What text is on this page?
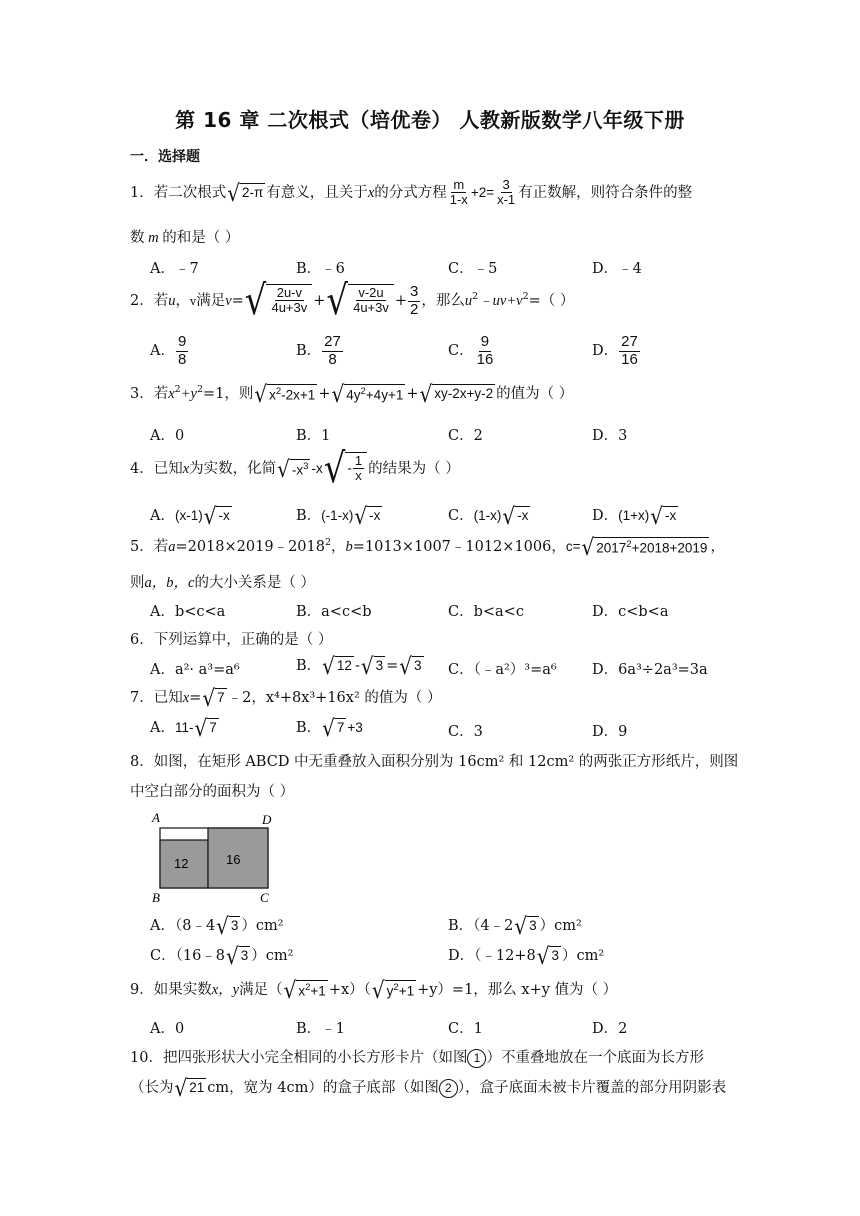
第 16 章 二次根式（培优卷） 人教新版数学八年级下册
一．选择题
1．若二次根式 √ 2-π 有意义，且关于x的分式方程 $\frac{m}{1-x} +2= \frac{3}{x-1}$ 有正数解，则符合条件的整
数 m 的和是（ ）
A．﹣7	B．﹣6	C．﹣5	D．﹣4
2．若u，v满足v= √ $\frac{2u-v}{4u+3v}$ + √ $\frac{v-2u}{4u+3v} + \frac{3}{2}$ ，那么$u^2﹣uv+v^2=$（ ）
A． $\frac{9}{8}$	B． $\frac{27}{8}$	C． $\frac{9}{16}$	D． $\frac{27}{16}$
3．若$x^2+y^2=1$，则 √ $x^2-2x+1$ + √ $4y^2+4y+1$ + √ xy-2x+y-2 的值为（ ）
A．0	B．1	C．2	D．3
4．已知x为实数，化简 √ $-x^3$ -x √ - $\frac{1}{x}$ 的结果为（ ）
A．(x-1) √ -x	B．(-1-x) √ -x	C．(1-x) √ -x	D．(1+x) √ -x
5．若$a=2018\times 2019﹣2018^2$，b=1013×1007﹣1012×1006，c= √ $2017^2+2018+2019$ ，
则a，b，c的大小关系是（ ）
A．b<c<a	B．a<c<b	C．b<a<c	D．c<b<a
6．下列运算中，正确的是（ ）
A．a²· a³=a⁶	B． √ 12 - √ 3 = √ 3 C．（﹣a²）³=a⁶ D．6a³÷2a³=3a
7．已知x= √ 7 ﹣2，x⁴+8x³+16x² 的值为（ ）
A．11- √ 7	B． √ 7 +3	C．3	D．9
8．如图，在矩形 ABCD 中无重叠放入面积分别为 16cm² 和 12cm² 的两张正方形纸片，则图
中空白部分的面积为（ ）
A	D
B	C
12	16
A．（8﹣4 √ 3 ）cm²	B．（4﹣2 √ 3 ）cm²
C．（16﹣8 √ 3 ）cm²	D．（﹣12+8 √ 3 ）cm²
9．如果实数x，y满足（ √ $x^2+1 +x$）（ √ $y^2+1 +y)=1$，那么 x+y 值为（ ）
A．0	B．﹣1	C．1	D．2
10．把四张形状大小完全相同的小长方形卡片（如图 1 ）不重叠地放在一个底面为长方形
（长为 √ 21 cm，宽为 4cm）的盒子底部（如图 2 ），盒子底面未被卡片覆盖的部分用阴影表
